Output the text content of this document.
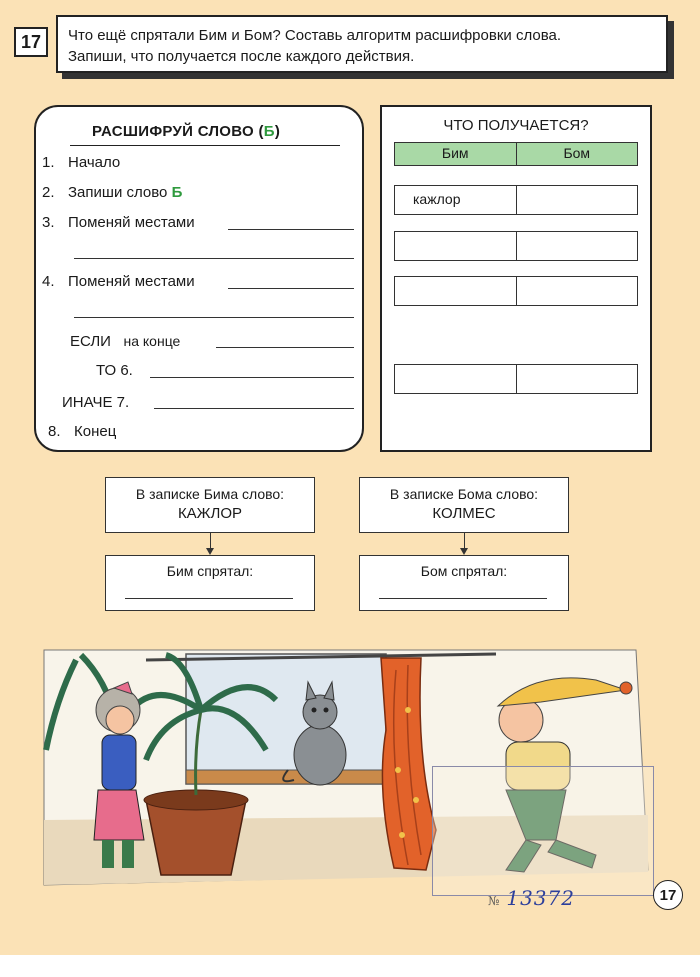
17	Что ещё спрятали Бим и Бом? Составь алгоритм расшифровки слова.
Запиши, что получается после каждого действия.
РАСШИФРУЙ СЛОВО (Б)
1. Начало
2. Запиши слово Б
3. Поменяй местами
4. Поменяй местами
ЕСЛИ на конце
ТО 6.
ИНАЧЕ 7.
8. Конец
ЧТО ПОЛУЧАЕТСЯ?
Бим	Бом
кажлор
В записке Бима слово:
КАЖЛОР
В записке Бома слово:
КОЛМЕС
Бим спрятал:	Бом спрятал:
№ 13372	17
